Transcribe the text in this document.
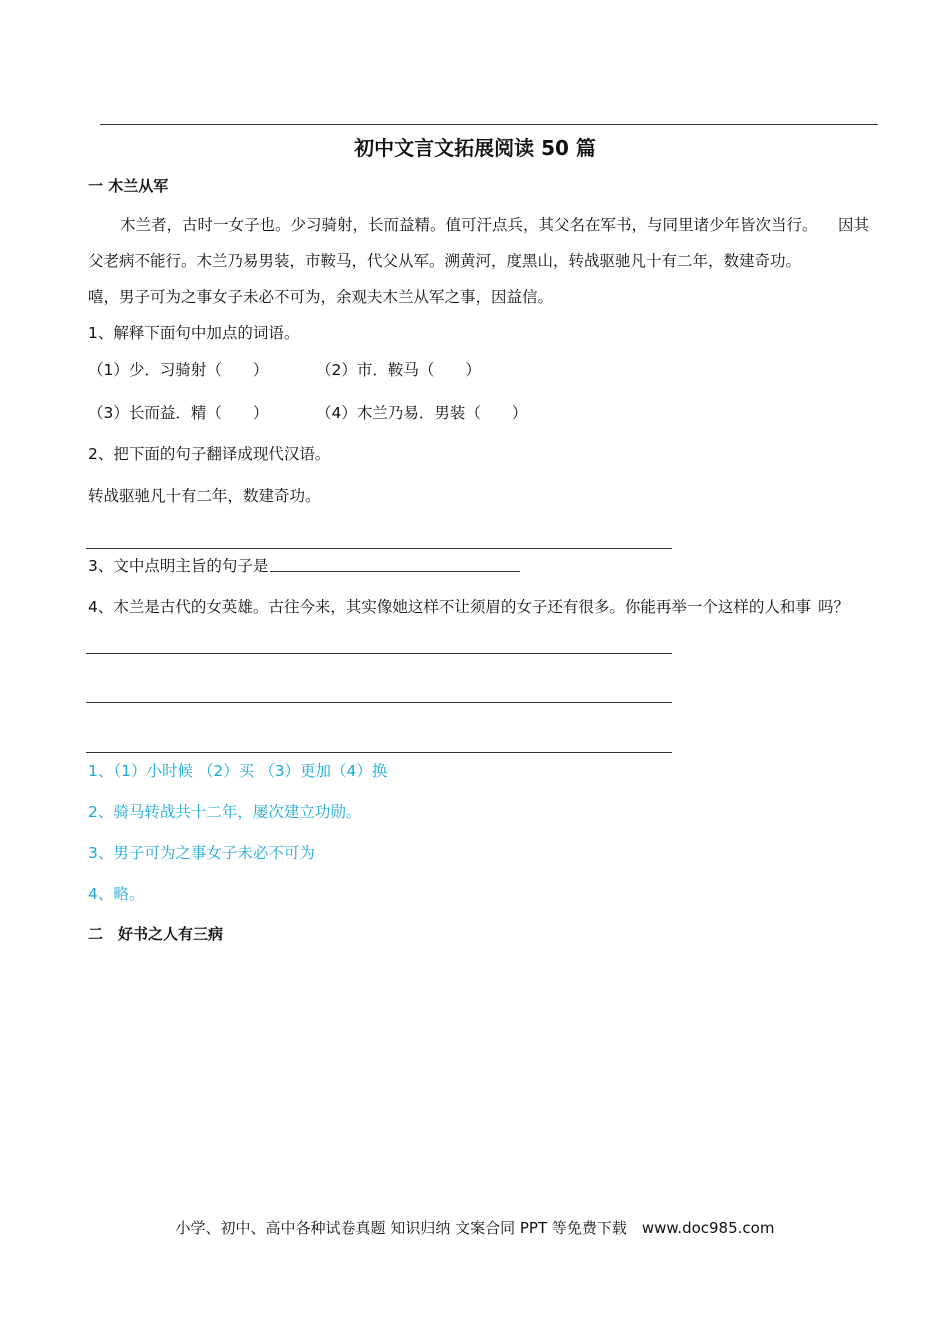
初中文言文拓展阅读 50 篇
一 木兰从军
木兰者，古时一女子也。少习骑射，长而益精。值可汗点兵，其父名在军书，与同里诸少年皆次当行。 因其
父老病不能行。木兰乃易男装，市鞍马，代父从军。溯黄河，度黑山，转战驱驰凡十有二年，数建奇功。
嘻，男子可为之事女子未必不可为，余观夫木兰从军之事，因益信。
1、解释下面句中加点的词语。
（1）少．习骑射（　　）	（2）市．鞍马（　　）
（3）长而益．精（　　）	（4）木兰乃易．男装（　　）
2、把下面的句子翻译成现代汉语。
转战驱驰凡十有二年，数建奇功。
3、文中点明主旨的句子是
4、木兰是古代的女英雄。古往今来，其实像她这样不让须眉的女子还有很多。你能再举一个这样的人和事 吗？
1、（1）小时候 （2）买 （3）更加（4）换
2、骑马转战共十二年，屡次建立功勋。
3、男子可为之事女子未必不可为
4、略。
二　好书之人有三病
小学、初中、高中各种试卷真题 知识归纳 文案合同 PPT 等免费下载　www.doc985.com
